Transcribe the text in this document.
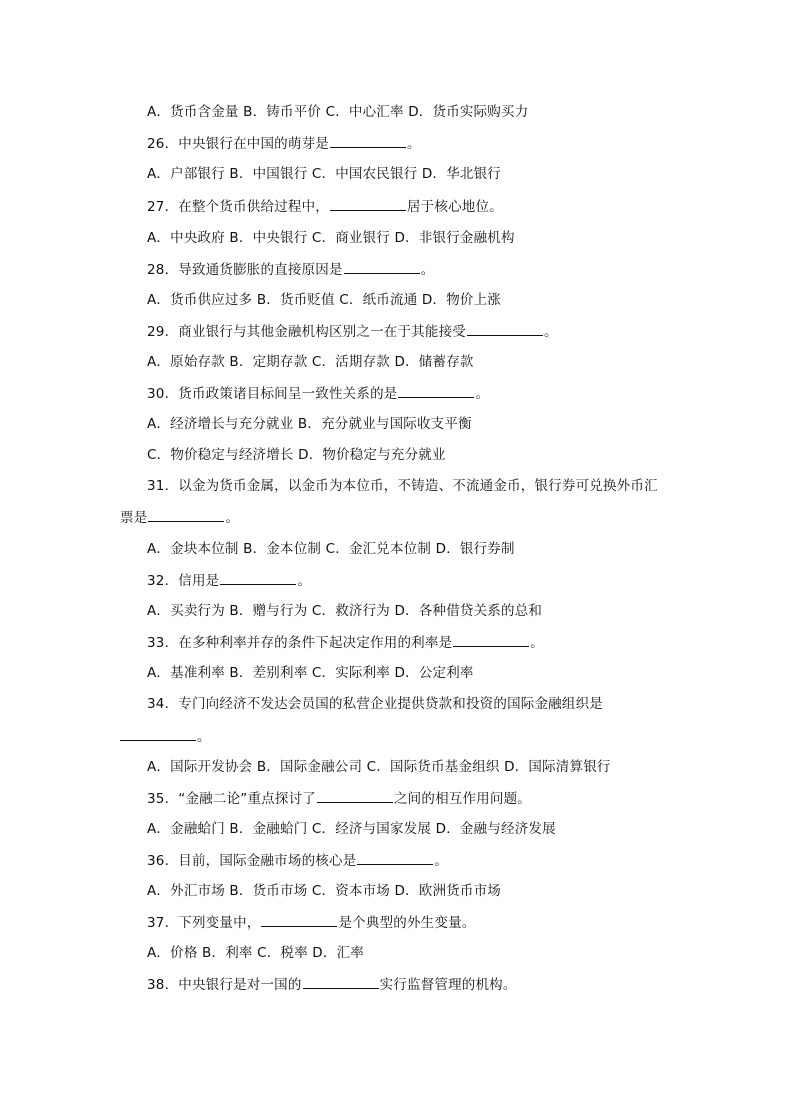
A．货币含金量 B．铸币平价 C．中心汇率 D．货币实际购买力
26．中央银行在中国的萌芽是	。
A．户部银行 B．中国银行 C．中国农民银行 D．华北银行
27．在整个货币供给过程中，	居于核心地位。
A．中央政府 B．中央银行 C．商业银行 D．非银行金融机构
28．导致通货膨胀的直接原因是	。
A．货币供应过多 B．货币贬值 C．纸币流通 D．物价上涨
29．商业银行与其他金融机构区别之一在于其能接受	。
A．原始存款 B．定期存款 C．活期存款 D．储蓄存款
30．货币政策诸目标间呈一致性关系的是	。
A．经济增长与充分就业 B．充分就业与国际收支平衡
C．物价稳定与经济增长 D．物价稳定与充分就业
31．以金为货币金属，以金币为本位币，不铸造、不流通金币，银行券可兑换外币汇
票是	。
A．金块本位制 B．金本位制 C．金汇兑本位制 D．银行券制
32．信用是	。
A．买卖行为 B．赠与行为 C．救济行为 D．各种借贷关系的总和
33．在多种利率并存的条件下起决定作用的利率是	。
A．基准利率 B．差别利率 C．实际利率 D．公定利率
34．专门向经济不发达会员国的私营企业提供贷款和投资的国际金融组织是
。
A．国际开发协会 B．国际金融公司 C．国际货币基金组织 D．国际清算银行
35．“金融二论”重点探讨了	之间的相互作用问题。
A．金融蛤门 B．金融蛤门 C．经济与国家发展 D．金融与经济发展
36．目前，国际金融市场的核心是	。
A．外汇市场 B．货币市场 C．资本市场 D．欧洲货币市场
37．下列变量中，	是个典型的外生变量。
A．价格 B．利率 C．税率 D．汇率
38．中央银行是对一国的	实行监督管理的机构。
